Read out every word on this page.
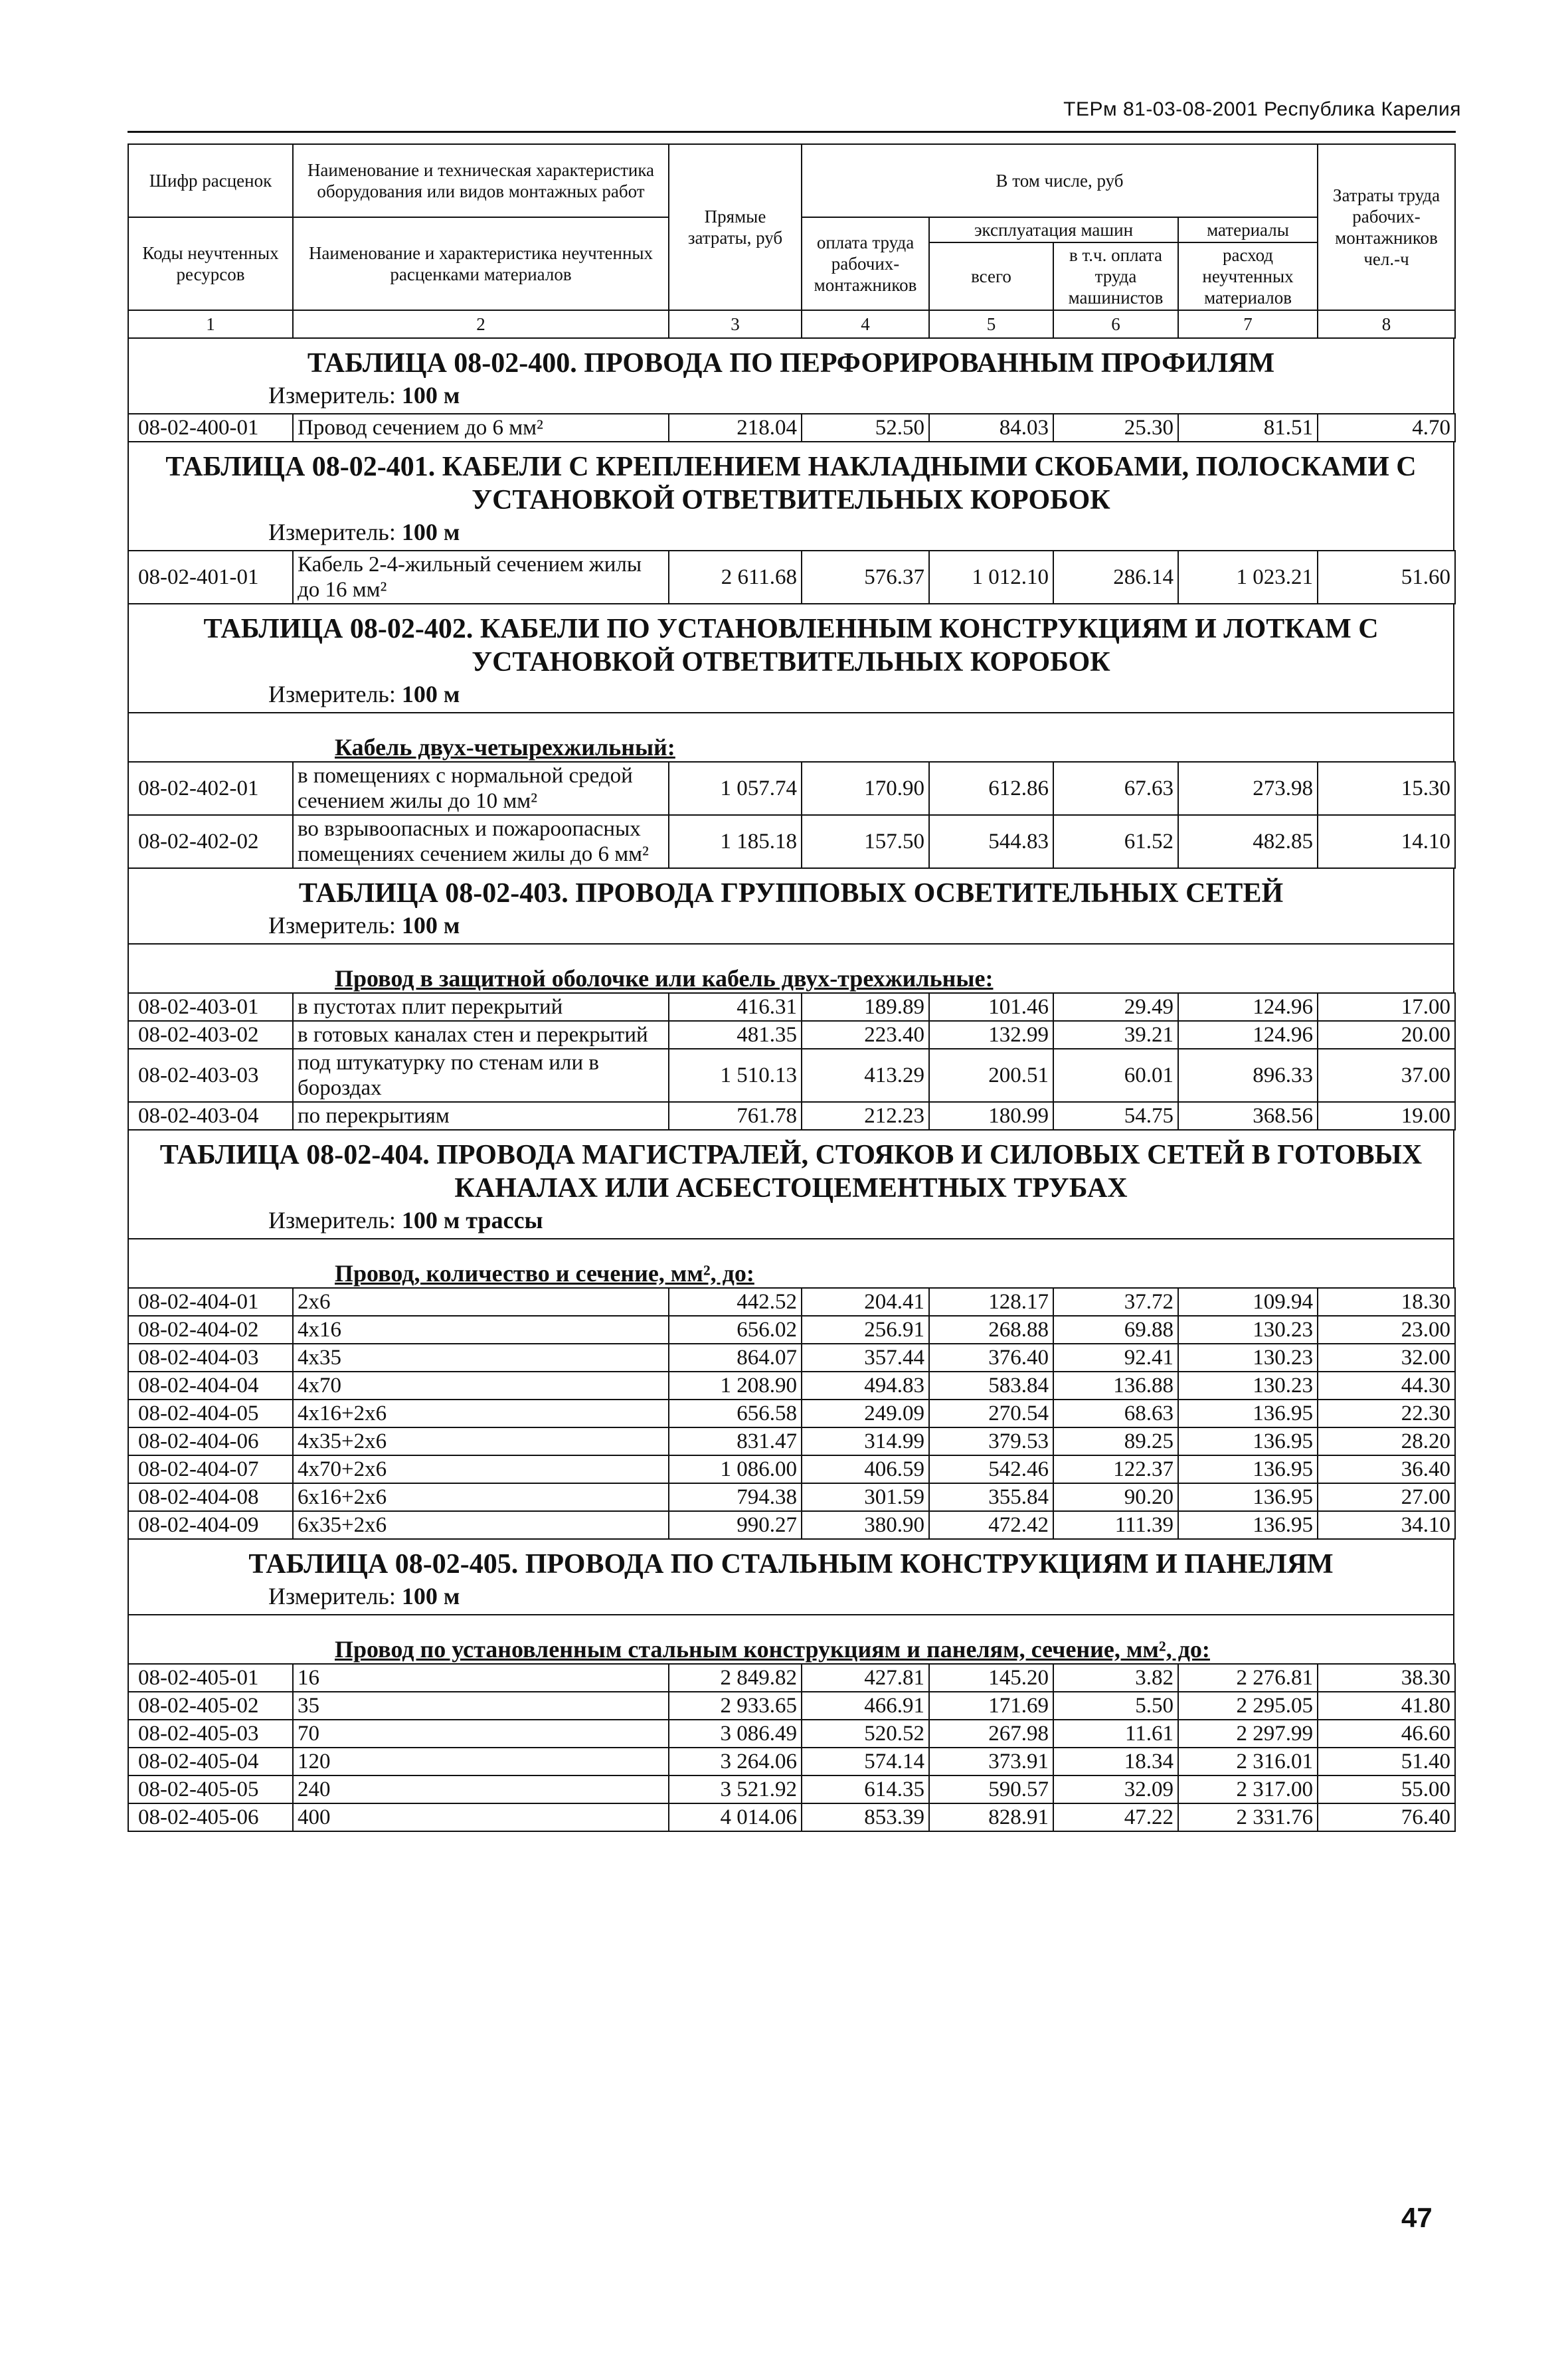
ТЕРм 81-03-08-2001 Республика Карелия
Шифр расценок	Наименование и техническая характеристика оборудования или видов монтажных работ	Прямые затраты, руб	В том числе, руб				Затраты труда рабочих-монтажников чел.-ч
Коды неучтенных ресурсов	Наименование и характеристика неучтенных расценками материалов		оплата труда рабочих-монтажников	эксплуатация машин		материалы	
				всего	в т.ч. оплата труда машинистов	расход неучтенных материалов	
1	2	3	4	5	6	7	8
ТАБЛИЦА 08-02-400. ПРОВОДА ПО ПЕРФОРИРОВАННЫМ ПРОФИЛЯМ
Измеритель: 100 м
08-02-400-01	Провод сечением до 6 мм²	218.04	52.50	84.03	25.30	81.51	4.70
ТАБЛИЦА 08-02-401. КАБЕЛИ С КРЕПЛЕНИЕМ НАКЛАДНЫМИ СКОБАМИ, ПОЛОСКАМИ С УСТАНОВКОЙ ОТВЕТВИТЕЛЬНЫХ КОРОБОК
Измеритель: 100 м
08-02-401-01	Кабель 2-4-жильный сечением жилы до 16 мм²	2 611.68	576.37	1 012.10	286.14	1 023.21	51.60
ТАБЛИЦА 08-02-402. КАБЕЛИ ПО УСТАНОВЛЕННЫМ КОНСТРУКЦИЯМ И ЛОТКАМ С УСТАНОВКОЙ ОТВЕТВИТЕЛЬНЫХ КОРОБОК
Измеритель: 100 м
Кабель двух-четырехжильный:
08-02-402-01	в помещениях с нормальной средой сечением жилы до 10 мм²	1 057.74	170.90	612.86	67.63	273.98	15.30
08-02-402-02	во взрывоопасных и пожароопасных помещениях сечением жилы до 6 мм²	1 185.18	157.50	544.83	61.52	482.85	14.10
ТАБЛИЦА 08-02-403. ПРОВОДА ГРУППОВЫХ ОСВЕТИТЕЛЬНЫХ СЕТЕЙ
Измеритель: 100 м
Провод в защитной оболочке или кабель двух-трехжильные:
08-02-403-01	в пустотах плит перекрытий	416.31	189.89	101.46	29.49	124.96	17.00
08-02-403-02	в готовых каналах стен и перекрытий	481.35	223.40	132.99	39.21	124.96	20.00
08-02-403-03	под штукатурку по стенам или в бороздах	1 510.13	413.29	200.51	60.01	896.33	37.00
08-02-403-04	по перекрытиям	761.78	212.23	180.99	54.75	368.56	19.00
ТАБЛИЦА 08-02-404. ПРОВОДА МАГИСТРАЛЕЙ, СТОЯКОВ И СИЛОВЫХ СЕТЕЙ В ГОТОВЫХ КАНАЛАХ ИЛИ АСБЕСТОЦЕМЕНТНЫХ ТРУБАХ
Измеритель: 100 м трассы
Провод, количество и сечение, мм², до:
08-02-404-01	2x6	442.52	204.41	128.17	37.72	109.94	18.30
08-02-404-02	4x16	656.02	256.91	268.88	69.88	130.23	23.00
08-02-404-03	4x35	864.07	357.44	376.40	92.41	130.23	32.00
08-02-404-04	4x70	1 208.90	494.83	583.84	136.88	130.23	44.30
08-02-404-05	4x16+2x6	656.58	249.09	270.54	68.63	136.95	22.30
08-02-404-06	4x35+2x6	831.47	314.99	379.53	89.25	136.95	28.20
08-02-404-07	4x70+2x6	1 086.00	406.59	542.46	122.37	136.95	36.40
08-02-404-08	6x16+2x6	794.38	301.59	355.84	90.20	136.95	27.00
08-02-404-09	6x35+2x6	990.27	380.90	472.42	111.39	136.95	34.10
ТАБЛИЦА 08-02-405. ПРОВОДА ПО СТАЛЬНЫМ КОНСТРУКЦИЯМ И ПАНЕЛЯМ
Измеритель: 100 м
Провод по установленным стальным конструкциям и панелям, сечение, мм², до:
08-02-405-01	16	2 849.82	427.81	145.20	3.82	2 276.81	38.30
08-02-405-02	35	2 933.65	466.91	171.69	5.50	2 295.05	41.80
08-02-405-03	70	3 086.49	520.52	267.98	11.61	2 297.99	46.60
08-02-405-04	120	3 264.06	574.14	373.91	18.34	2 316.01	51.40
08-02-405-05	240	3 521.92	614.35	590.57	32.09	2 317.00	55.00
08-02-405-06	400	4 014.06	853.39	828.91	47.22	2 331.76	76.40
47
